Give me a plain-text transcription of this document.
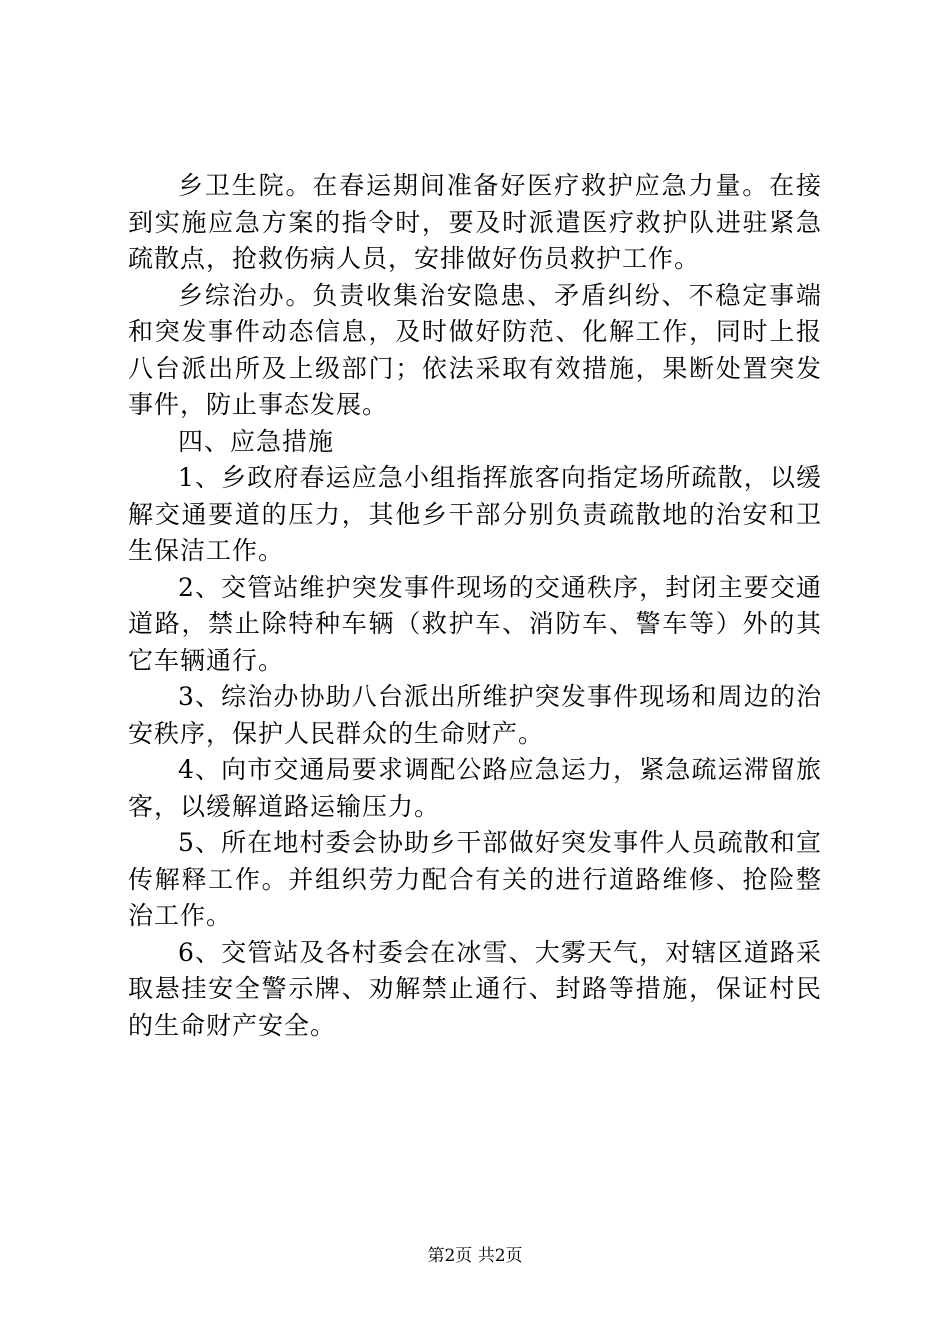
乡卫生院。在春运期间准备好医疗救护应急力量。在接到实施应急方案的指令时，要及时派遣医疗救护队进驻紧急疏散点，抢救伤病人员，安排做好伤员救护工作。

乡综治办。负责收集治安隐患、矛盾纠纷、不稳定事端和突发事件动态信息，及时做好防范、化解工作，同时上报八台派出所及上级部门；依法采取有效措施，果断处置突发事件，防止事态发展。

四、应急措施

1、乡政府春运应急小组指挥旅客向指定场所疏散，以缓解交通要道的压力，其他乡干部分别负责疏散地的治安和卫生保洁工作。

2、交管站维护突发事件现场的交通秩序，封闭主要交通道路，禁止除特种车辆（救护车、消防车、警车等）外的其它车辆通行。

3、综治办协助八台派出所维护突发事件现场和周边的治安秩序，保护人民群众的生命财产。

4、向市交通局要求调配公路应急运力，紧急疏运滞留旅客，以缓解道路运输压力。

5、所在地村委会协助乡干部做好突发事件人员疏散和宣传解释工作。并组织劳力配合有关的进行道路维修、抢险整治工作。

6、交管站及各村委会在冰雪、大雾天气，对辖区道路采取悬挂安全警示牌、劝解禁止通行、封路等措施，保证村民的生命财产安全。

第2页 共2页
